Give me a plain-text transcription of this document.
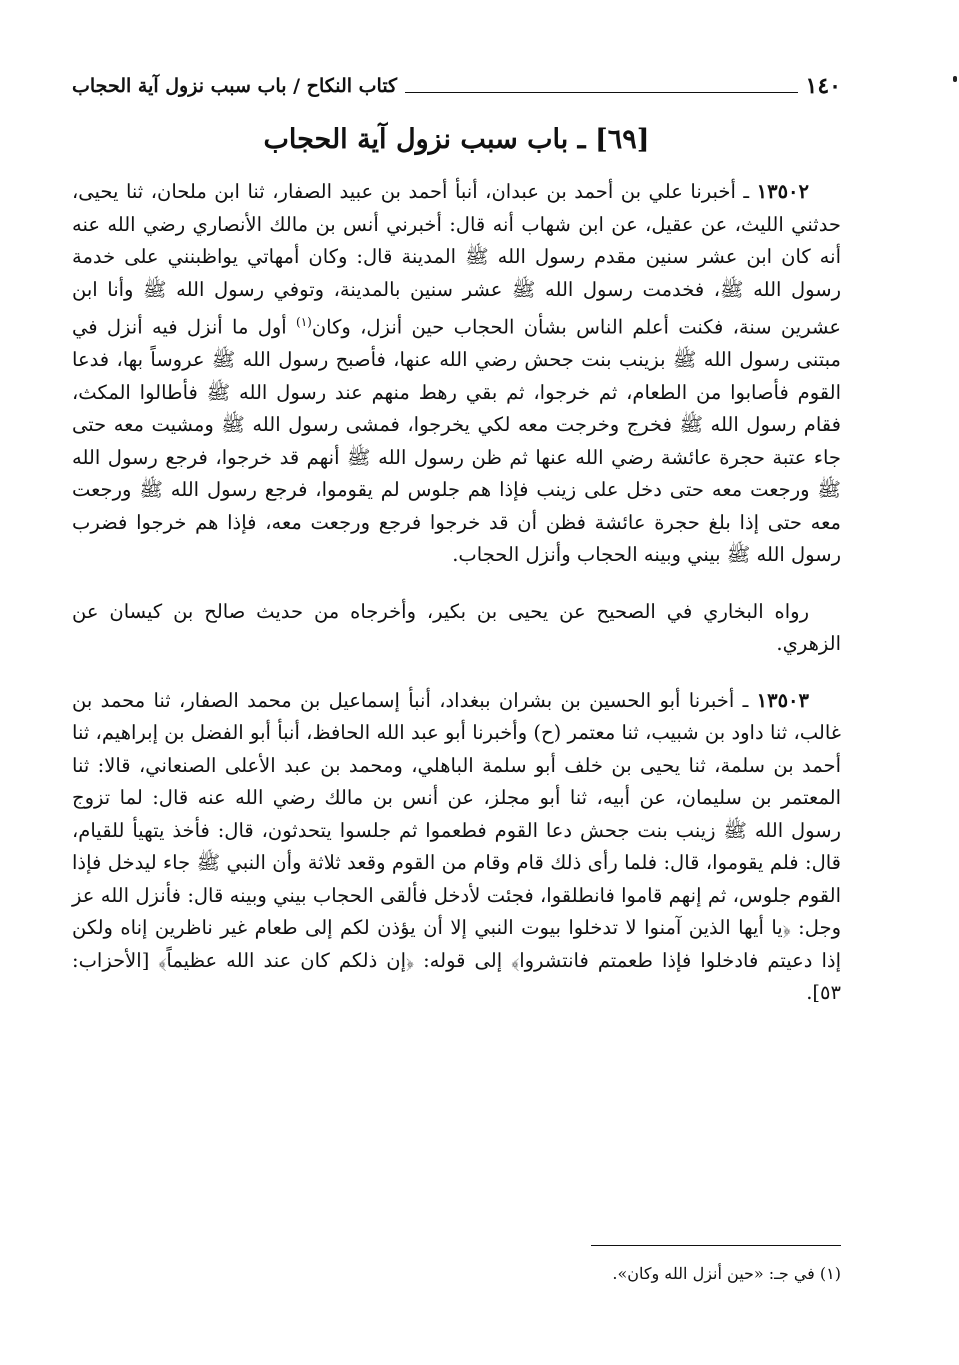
١٤٠
كتاب النكاح / باب سبب نزول آية الحجاب
[٦٩] ـ باب سبب نزول آية الحجاب

١٣٥٠٢ ـ أخبرنا علي بن أحمد بن عبدان، أنبأ أحمد بن عبيد الصفار، ثنا ابن ملحان، ثنا يحيى، حدثني الليث، عن عقيل، عن ابن شهاب أنه قال: أخبرني أنس بن مالك الأنصاري رضي الله عنه أنه كان ابن عشر سنين مقدم رسول الله ﷺ المدينة قال: وكان أمهاتي يواظبنني على خدمة رسول الله ﷺ، فخدمت رسول الله ﷺ عشر سنين بالمدينة، وتوفي رسول الله ﷺ وأنا ابن عشرين سنة، فكنت أعلم الناس بشأن الحجاب حين أنزل، وكان$^{(١)}$ أول ما أنزل فيه أنزل في مبتنى رسول الله ﷺ بزينب بنت جحش رضي الله عنها، فأصبح رسول الله ﷺ عروساً بها، فدعا القوم فأصابوا من الطعام، ثم خرجوا، ثم بقي رهط منهم عند رسول الله ﷺ فأطالوا المكث، فقام رسول الله ﷺ فخرج وخرجت معه لكي يخرجوا، فمشى رسول الله ﷺ ومشيت معه حتى جاء عتبة حجرة عائشة رضي الله عنها ثم ظن رسول الله ﷺ أنهم قد خرجوا، فرجع رسول الله ﷺ ورجعت معه حتى دخل على زينب فإذا هم جلوس لم يقوموا، فرجع رسول الله ﷺ ورجعت معه حتى إذا بلغ حجرة عائشة فظن أن قد خرجوا فرجع ورجعت معه، فإذا هم خرجوا فضرب رسول الله ﷺ بيني وبينه الحجاب وأنزل الحجاب.

رواه البخاري في الصحيح عن يحيى بن بكير، وأخرجاه من حديث صالح بن كيسان عن الزهري.

١٣٥٠٣ ـ أخبرنا أبو الحسين بن بشران ببغداد، أنبأ إسماعيل بن محمد الصفار، ثنا محمد بن غالب، ثنا داود بن شبيب، ثنا معتمر (ح) وأخبرنا أبو عبد الله الحافظ، أنبأ أبو الفضل بن إبراهيم، ثنا أحمد بن سلمة، ثنا يحيى بن خلف أبو سلمة الباهلي، ومحمد بن عبد الأعلى الصنعاني، قالا: ثنا المعتمر بن سليمان، عن أبيه، ثنا أبو مجلز، عن أنس بن مالك رضي الله عنه قال: لما تزوج رسول الله ﷺ زينب بنت جحش دعا القوم فطعموا ثم جلسوا يتحدثون، قال: فأخذ يتهيأ للقيام، قال: فلم يقوموا، قال: فلما رأى ذلك قام وقام من القوم وقعد ثلاثة وأن النبي ﷺ جاء ليدخل فإذا القوم جلوس، ثم إنهم قاموا فانطلقوا، فجئت لأدخل فألقى الحجاب بيني وبينه قال: فأنزل الله عز وجل: ﴿يا أيها الذين آمنوا لا تدخلوا بيوت النبي إلا أن يؤذن لكم إلى طعام غير ناظرين إناه ولكن إذا دعيتم فادخلوا فإذا طعمتم فانتشروا﴾ إلى قوله: ﴿إن ذلكم كان عند الله عظيماً﴾ [الأحزاب: ٥٣].

(١) في جـ: «حين أنزل الله وكان».
